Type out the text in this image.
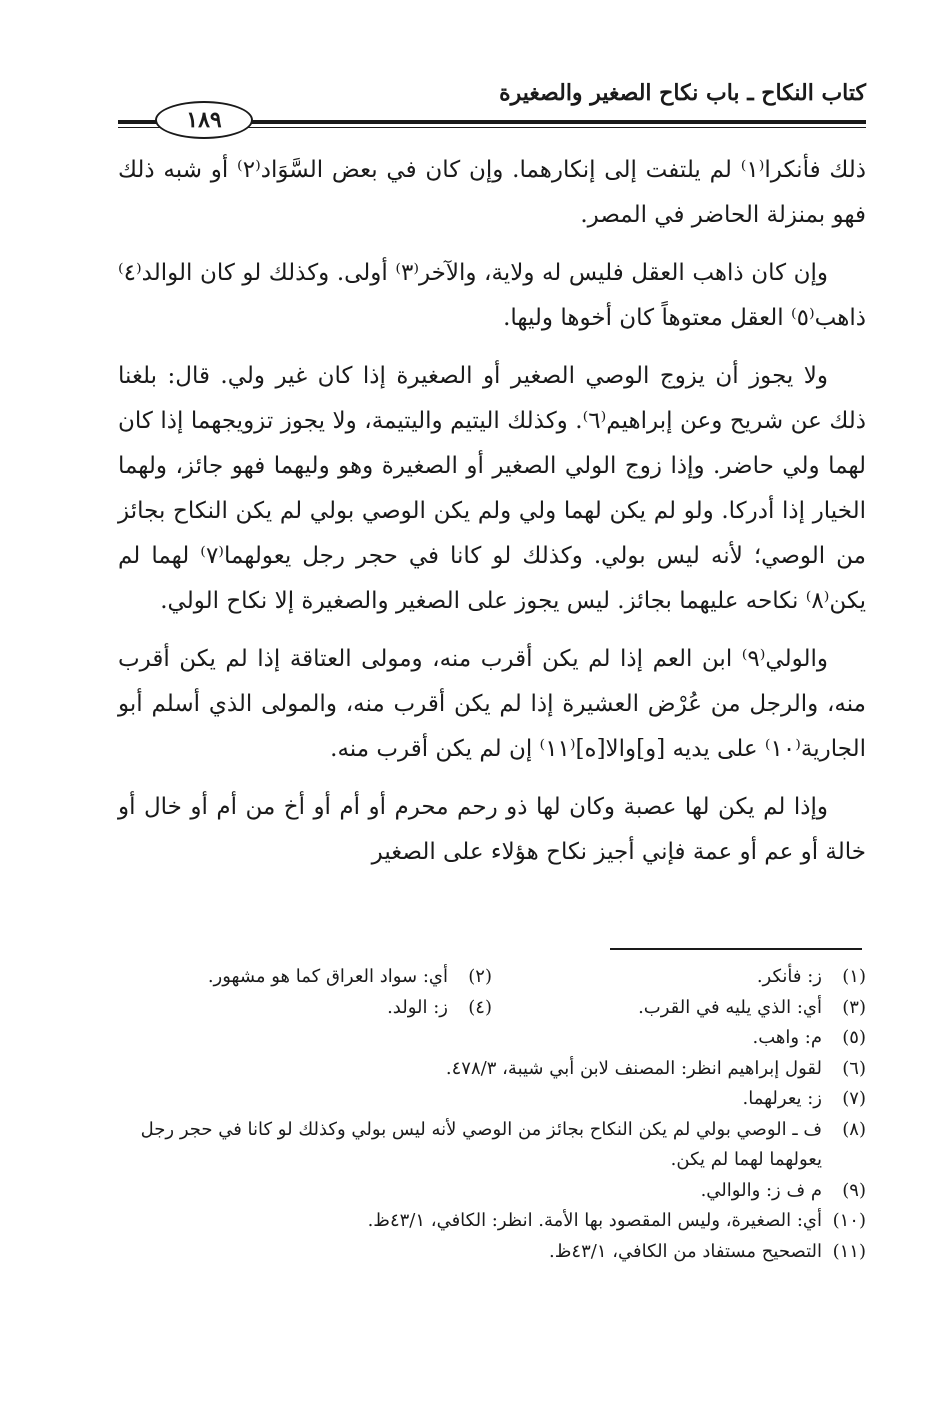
كتاب النكاح ـ باب نكاح الصغير والصغيرة
١٨٩

ذلك فأنكرا⁽١⁾ لم يلتفت إلى إنكارهما. وإن كان في بعض السَّوَاد⁽٢⁾ أو شبه ذلك فهو بمنزلة الحاضر في المصر.

وإن كان ذاهب العقل فليس له ولاية، والآخر⁽٣⁾ أولى. وكذلك لو كان الوالد⁽٤⁾ ذاهب⁽٥⁾ العقل معتوهاً كان أخوها وليها.

ولا يجوز أن يزوج الوصي الصغير أو الصغيرة إذا كان غير ولي. قال: بلغنا ذلك عن شريح وعن إبراهيم⁽٦⁾. وكذلك اليتيم واليتيمة، ولا يجوز تزويجهما إذا كان لهما ولي حاضر. وإذا زوج الولي الصغير أو الصغيرة وهو وليهما فهو جائز، ولهما الخيار إذا أدركا. ولو لم يكن لهما ولي ولم يكن الوصي بولي لم يكن النكاح بجائز من الوصي؛ لأنه ليس بولي. وكذلك لو كانا في حجر رجل يعولهما⁽٧⁾ لهما لم يكن⁽٨⁾ نكاحه عليهما بجائز. ليس يجوز على الصغير والصغيرة إلا نكاح الولي.

والولي⁽٩⁾ ابن العم إذا لم يكن أقرب منه، ومولى العتاقة إذا لم يكن أقرب منه، والرجل من عُرْض العشيرة إذا لم يكن أقرب منه، والمولى الذي أسلم أبو الجارية⁽١٠⁾ على يديه [و]والا[ه]⁽١١⁾ إن لم يكن أقرب منه.

وإذا لم يكن لها عصبة وكان لها ذو رحم محرم أو أم أو أخ من أم أو خال أو خالة أو عم أو عمة فإني أجيز نكاح هؤلاء على الصغير

(١)
ز: فأنكر.
(٢)
أي: سواد العراق كما هو مشهور.
(٣)
أي: الذي يليه في القرب.
(٤)
ز: الولد.
(٥)
م: واهب.
(٦)
لقول إبراهيم انظر: المصنف لابن أبي شيبة، ٤٧٨/٣.
(٧)
ز: يعرلهما.
(٨)
ف ـ الوصي بولي لم يكن النكاح بجائز من الوصي لأنه ليس بولي وكذلك لو كانا في حجر رجل يعولهما لهما لم يكن.
(٩)
م ف ز: والوالي.
(١٠)
أي: الصغيرة، وليس المقصود بها الأمة. انظر: الكافي، ٤٣/١ظ.
(١١)
التصحيح مستفاد من الكافي، ٤٣/١ظ.
